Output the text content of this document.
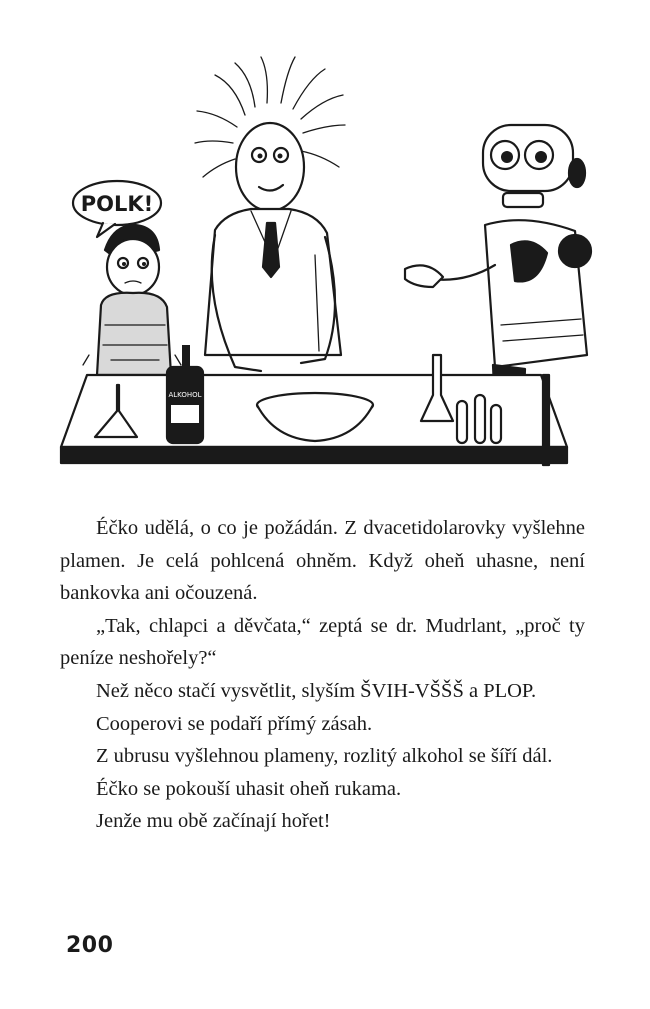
POLK!
ALKOHOL

Éčko udělá, o co je požádán. Z dvacetidolarovky vyšlehne plamen. Je celá pohlcená ohněm. Když oheň uhasne, není bankovka ani očouzená.

„Tak, chlapci a děvčata,“ zeptá se dr. Mudrlant, „proč ty peníze neshořely?“

Než něco stačí vysvětlit, slyším ŠVIH-VŠŠŠ a PLOP.

Cooperovi se podaří přímý zásah.

Z ubrusu vyšlehnou plameny, rozlitý alkohol se šíří dál.

Éčko se pokouší uhasit oheň rukama.

Jenže mu obě začínají hořet!

200
